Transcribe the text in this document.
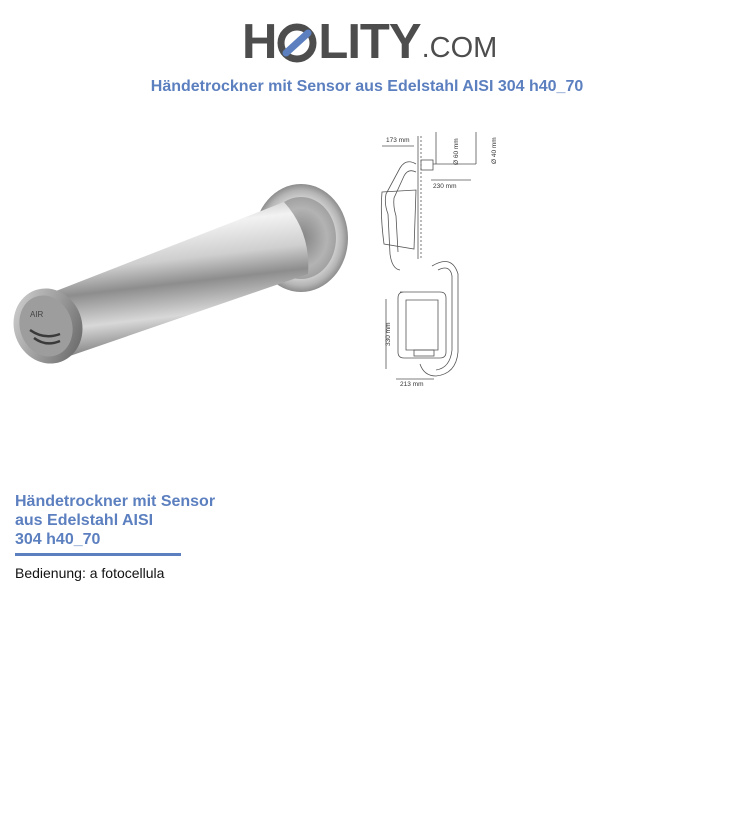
H LITY .COM
Händetrockner mit Sensor aus Edelstahl AISI 304 h40_70
AIR
173 mm	Ø 60 mm	Ø 40 mm
230 mm
330 mm
213 mm
Händetrockner mit Sensor
aus Edelstahl AISI
304 h40_70
Bedienung: a fotocellula
